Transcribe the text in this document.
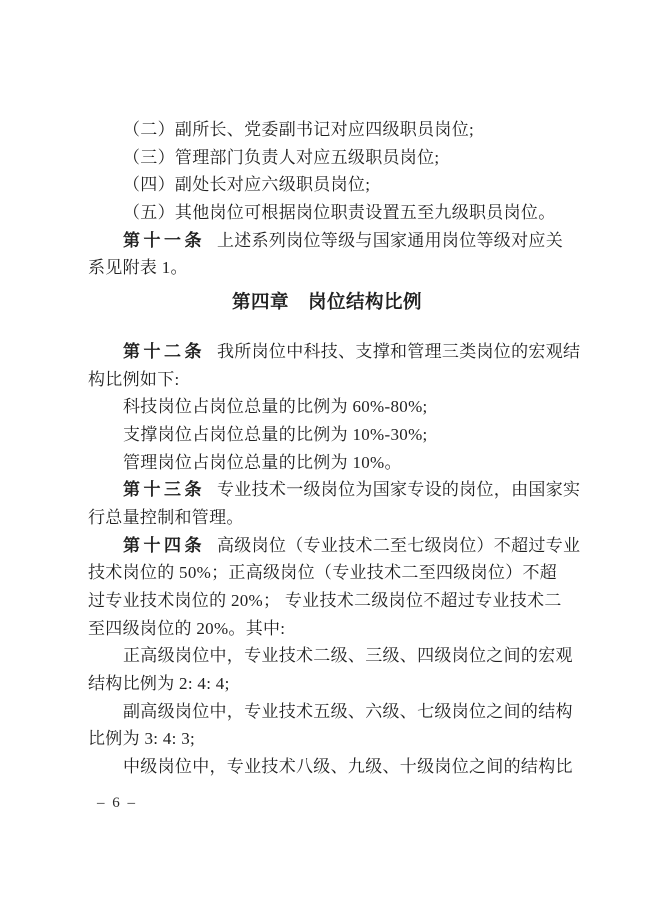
（二）副所长、党委副书记对应四级职员岗位;
（三）管理部门负责人对应五级职员岗位;
（四）副处长对应六级职员岗位;
（五）其他岗位可根据岗位职责设置五至九级职员岗位。
第十一条 上述系列岗位等级与国家通用岗位等级对应关
系见附表 1。
第四章　岗位结构比例
第十二条 我所岗位中科技、支撑和管理三类岗位的宏观结
构比例如下:
科技岗位占岗位总量的比例为 60%-80%;
支撑岗位占岗位总量的比例为 10%-30%;
管理岗位占岗位总量的比例为 10%。
第十三条 专业技术一级岗位为国家专设的岗位，由国家实
行总量控制和管理。
第十四条 高级岗位（专业技术二至七级岗位）不超过专业
技术岗位的 50%；正高级岗位（专业技术二至四级岗位）不超
过专业技术岗位的 20%； 专业技术二级岗位不超过专业技术二
至四级岗位的 20%。其中:
正高级岗位中，专业技术二级、三级、四级岗位之间的宏观
结构比例为 2: 4: 4;
副高级岗位中，专业技术五级、六级、七级岗位之间的结构
比例为 3: 4: 3;
中级岗位中，专业技术八级、九级、十级岗位之间的结构比
– 6 –
